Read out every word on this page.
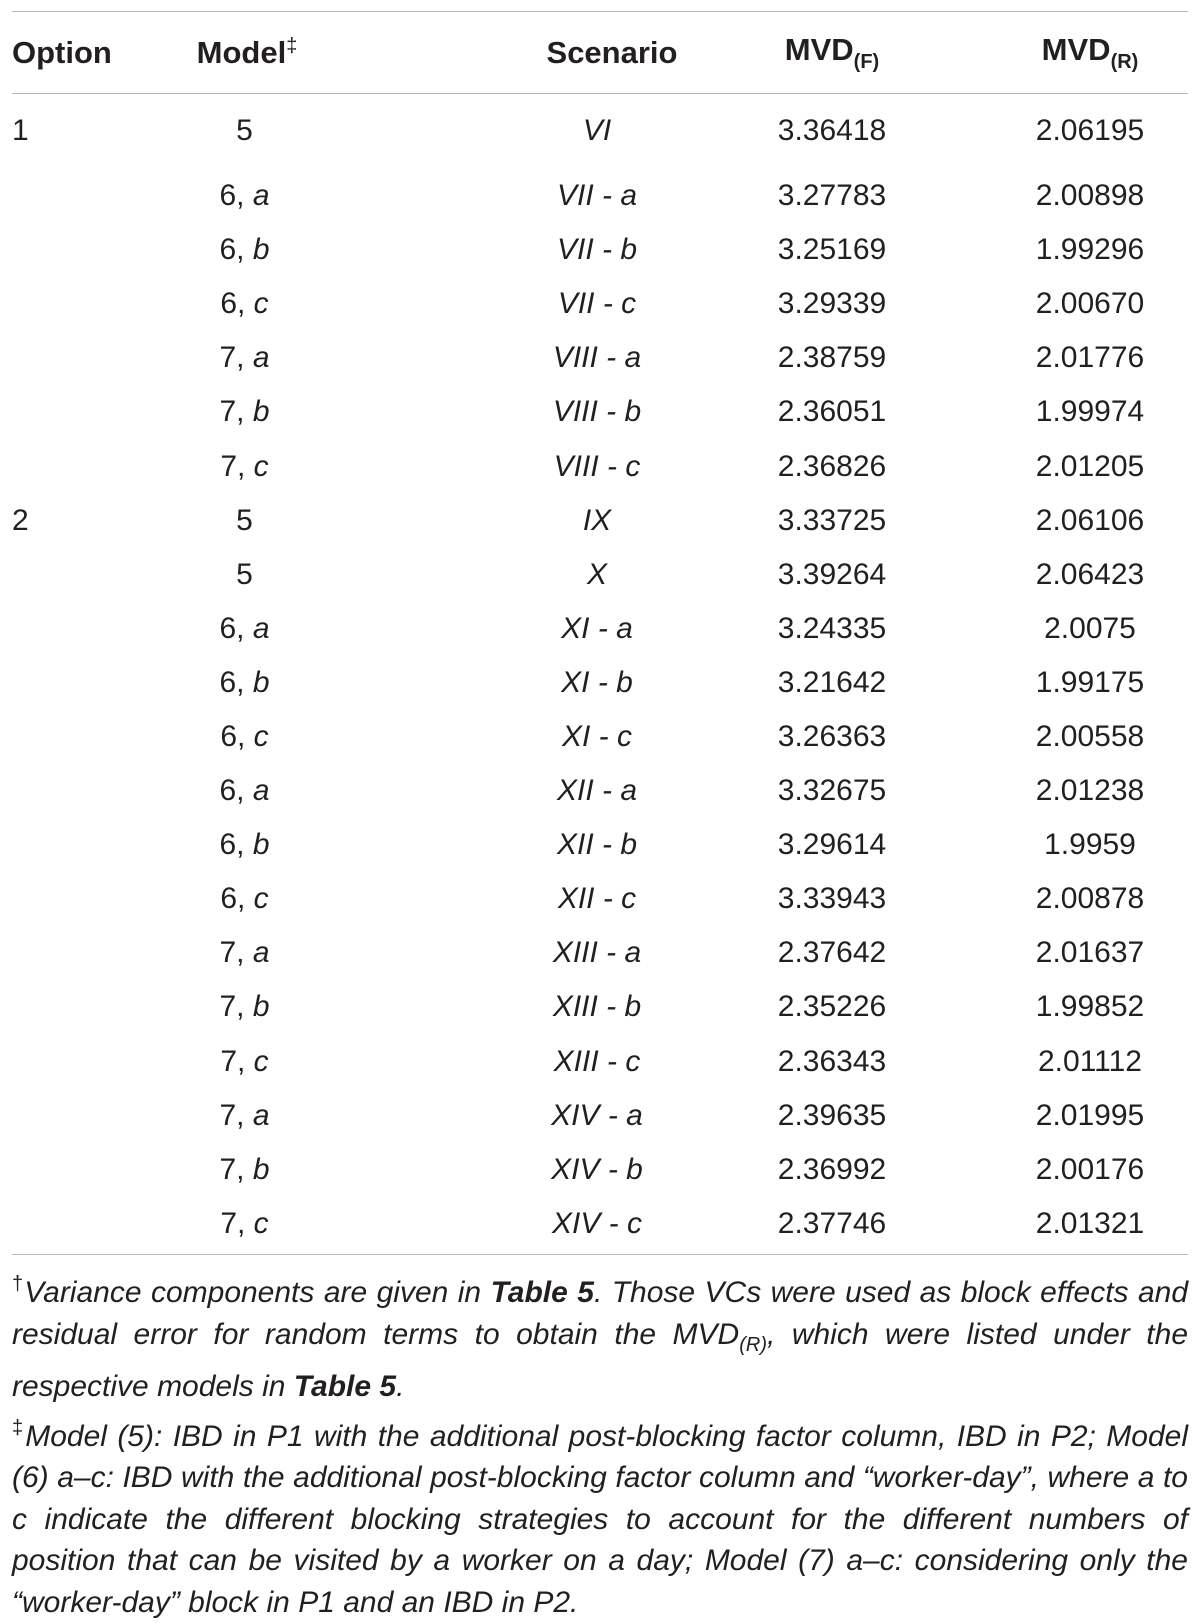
Option	Model‡	Scenario	$MVD_{(F)}$	$MVD_{(R)}$
1	5	VI	3.36418	2.06195
	6, a	VII - a	3.27783	2.00898
	6, b	VII - b	3.25169	1.99296
	6, c	VII - c	3.29339	2.00670
	7, a	VIII - a	2.38759	2.01776
	7, b	VIII - b	2.36051	1.99974
	7, c	VIII - c	2.36826	2.01205
2	5	IX	3.33725	2.06106
	5	X	3.39264	2.06423
	6, a	XI - a	3.24335	2.0075
	6, b	XI - b	3.21642	1.99175
	6, c	XI - c	3.26363	2.00558
	6, a	XII - a	3.32675	2.01238
	6, b	XII - b	3.29614	1.9959
	6, c	XII - c	3.33943	2.00878
	7, a	XIII - a	2.37642	2.01637
	7, b	XIII - b	2.35226	1.99852
	7, c	XIII - c	2.36343	2.01112
	7, a	XIV - a	2.39635	2.01995
	7, b	XIV - b	2.36992	2.00176
	7, c	XIV - c	2.37746	2.01321

†Variance components are given in Table 5. Those VCs were used as block effects and residual error for random terms to obtain the $MVD_{(R)}$, which were listed under the respective models in Table 5.

‡Model (5): IBD in P1 with the additional post-blocking factor column, IBD in P2; Model (6) a–c: IBD with the additional post-blocking factor column and “worker-day”, where a to c indicate the different blocking strategies to account for the different numbers of position that can be visited by a worker on a day; Model (7) a–c: considering only the “worker-day” block in P1 and an IBD in P2.
